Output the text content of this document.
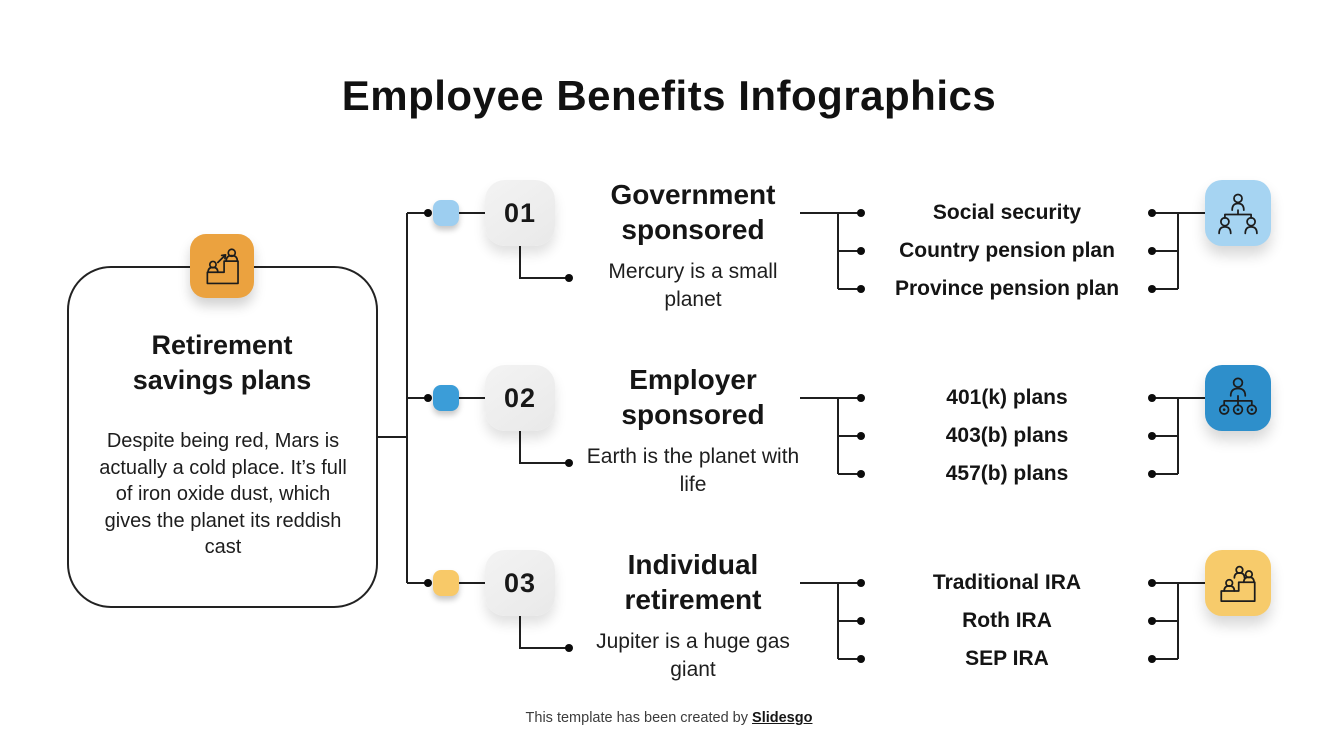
Employee Benefits Infographics
Retirement savings plans
Despite being red, Mars is actually a cold place. It’s full of iron oxide dust, which gives the planet its reddish cast
01
Government sponsored
Mercury is a small planet
Social security
Country pension plan
Province pension plan
02
Employer sponsored
Earth is the planet with life
401(k) plans
403(b) plans
457(b) plans
03
Individual retirement
Jupiter is a huge gas giant
Traditional IRA
Roth IRA
SEP IRA
This template has been created by Slidesgo
